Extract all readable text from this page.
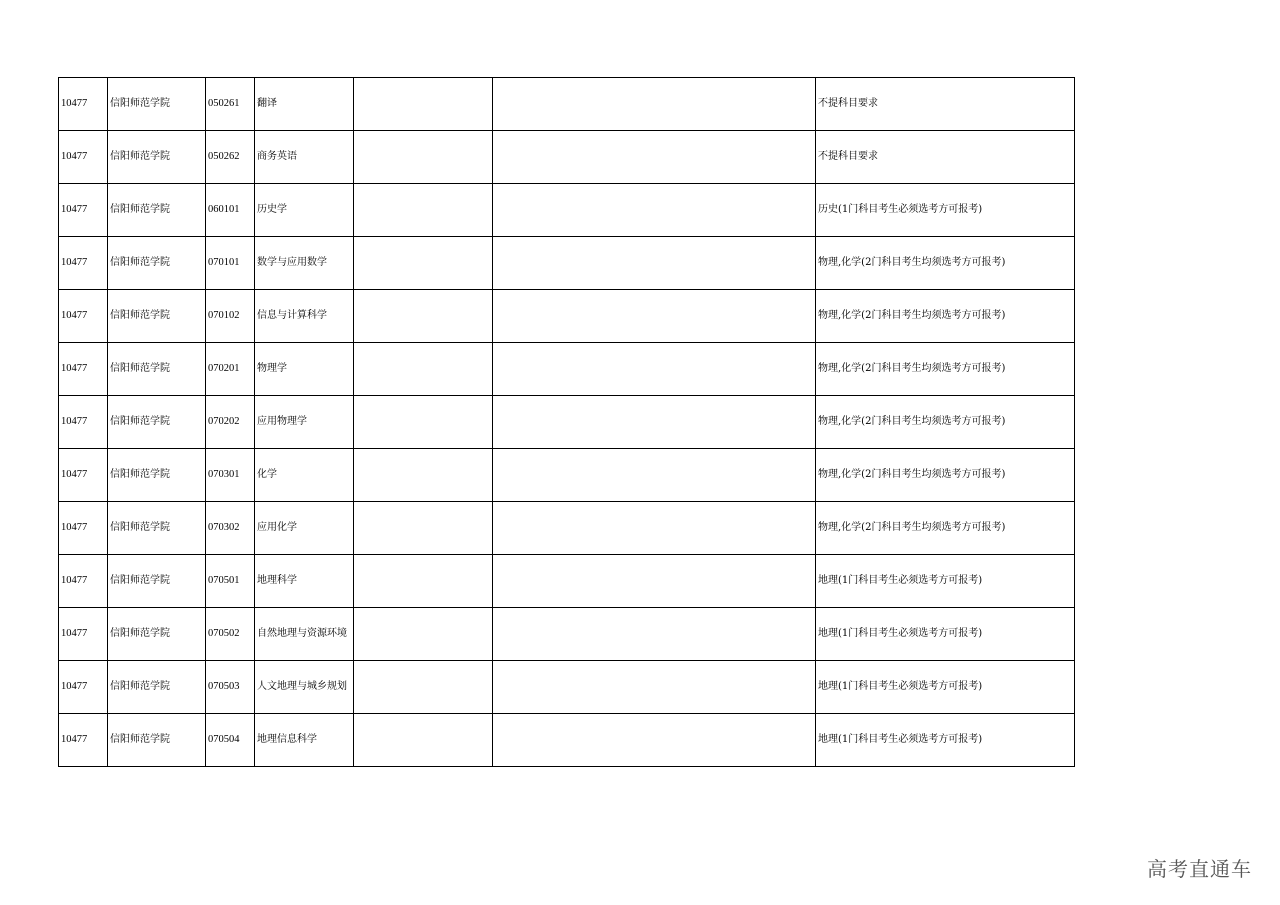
10477	信阳师范学院	050261	翻译			不提科目要求
10477	信阳师范学院	050262	商务英语			不提科目要求
10477	信阳师范学院	060101	历史学			历史(1门科目考生必须选考方可报考)
10477	信阳师范学院	070101	数学与应用数学			物理,化学(2门科目考生均须选考方可报考)
10477	信阳师范学院	070102	信息与计算科学			物理,化学(2门科目考生均须选考方可报考)
10477	信阳师范学院	070201	物理学			物理,化学(2门科目考生均须选考方可报考)
10477	信阳师范学院	070202	应用物理学			物理,化学(2门科目考生均须选考方可报考)
10477	信阳师范学院	070301	化学			物理,化学(2门科目考生均须选考方可报考)
10477	信阳师范学院	070302	应用化学			物理,化学(2门科目考生均须选考方可报考)
10477	信阳师范学院	070501	地理科学			地理(1门科目考生必须选考方可报考)
10477	信阳师范学院	070502	自然地理与资源环境			地理(1门科目考生必须选考方可报考)
10477	信阳师范学院	070503	人文地理与城乡规划			地理(1门科目考生必须选考方可报考)
10477	信阳师范学院	070504	地理信息科学			地理(1门科目考生必须选考方可报考)
高考直通车
